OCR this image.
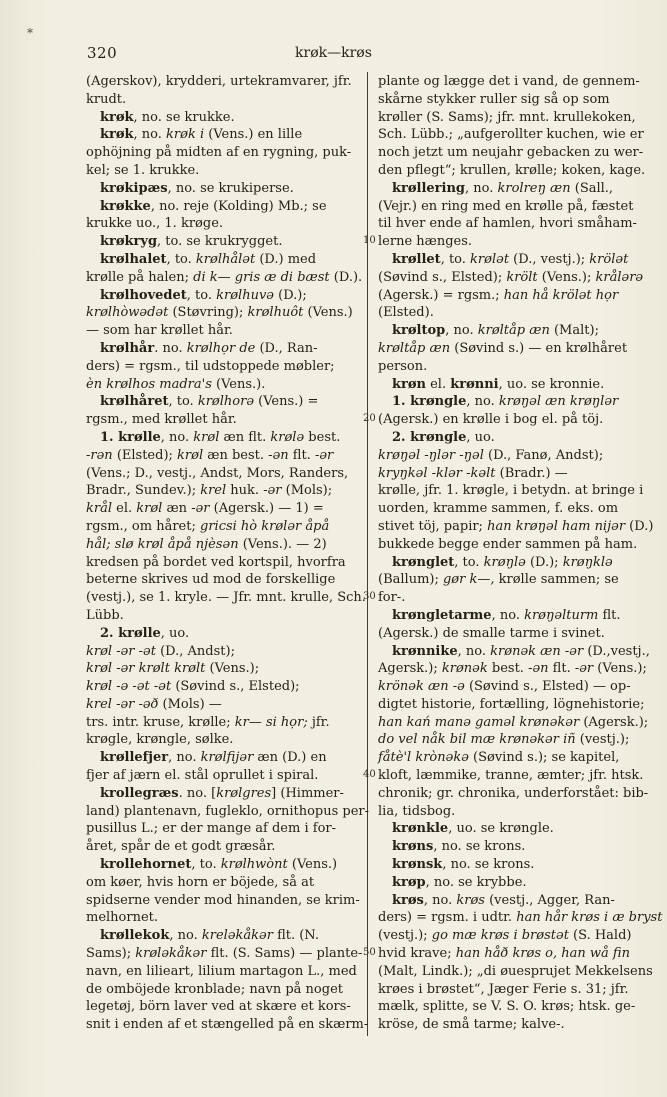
*
320	krøk—krøs
(Agerskov), krydderi, urtekramvarer, jfr.
krudt.
krøk, no. se krukke.
krøk, no. krøk i (Vens.) en lille
ophöjning på midten af en rygning, puk-
kel; se 1. krukke.
krøkipæs, no. se krukiperse.
krøkke, no. reje (Kolding) Mb.; se
krukke uo., 1. krøge.
krøkryg, to. se krukrygget.
krølhalet, to. krølhålət (D.) med
krølle på halen; di k— gris æ di bæst (D.).
krølhovedet, to. krølhuvə (D.);
krølhòwədət (Støvring); krølhuôt (Vens.)
— som har krøllet hår.
krølhår. no. krølhọr de (D., Ran-
ders) = rgsm., til udstoppede møbler;
èn krølhos madra's (Vens.).
krølhåret, to. krølhorə (Vens.) =
rgsm., med krøllet hår.
1. krølle, no. krøl æn flt. krølə best.
-rən (Elsted); krøl æn best. -ən flt. -ər
(Vens.; D., vestj., Andst, Mors, Randers,
Bradr., Sundev.); krel huk. -ər (Mols);
krål el. krøl æn -ər (Agersk.) — 1) =
rgsm., om håret; gricsi hò krølər åpå
hål; slø krøl åpå njèsən (Vens.). — 2)
kredsen på bordet ved kortspil, hvorfra
beterne skrives ud mod de forskellige
(vestj.), se 1. kryle. — Jfr. mnt. krulle, Sch.
Lübb.
2. krølle, uo.
krøl -ər -ət (D., Andst);
krøl -ər krølt krølt (Vens.);
krøl -ə -ət -ət (Søvind s., Elsted);
krel -ər -əð (Mols) —
trs. intr. kruse, krølle; kr— si họr; jfr.
krøgle, krøngle, sølke.
krøllefjer, no. krølfijər æn (D.) en
fjer af jærn el. stål oprullet i spiral.
krollegræs. no. [krølgres] (Himmer-
land) plantenavn, fugleklo, ornithopus per-
pusillus L.; er der mange af dem i for-
året, spår de et godt græsår.
krollehornet, to. krølhwònt (Vens.)
om køer, hvis horn er böjede, så at
spidserne vender mod hinanden, se krim-
melhornet.
krøllekok, no. kreləkåkər flt. (N.
Sams); krøləkåkər flt. (S. Sams) — plante-
navn, en lilieart, lilium martagon L., med
de omböjede kronblade; navn på noget
legetøj, börn laver ved at skære et kors-
snit i enden af et stængelled på en skærm-
plante og lægge det i vand, de gennem-
skårne stykker ruller sig så op som
krøller (S. Sams); jfr. mnt. krullekoken,
Sch. Lübb.; „aufgerollter kuchen, wie er
noch jetzt um neujahr gebacken zu wer-
den pflegt“; krullen, krølle; koken, kage.
krøllering, no. krolreŋ æn (Sall.,
(Vejr.) en ring med en krølle på, fæstet
til hver ende af hamlen, hvori småham-
10 lerne hænges.
krøllet, to. krølət (D., vestj.); krölət
(Søvind s., Elsted); krölt (Vens.); krålərə
(Agersk.) = rgsm.; han hå krölət họr
(Elsted).
krøltop, no. krøltåp æn (Malt);
krøltåp æn (Søvind s.) — en krølhåret
person.
krøn el. krønni, uo. se kronnie.
1. krøngle, no. krøŋəl æn krøŋlər
20 (Agersk.) en krølle i bog el. på töj.
2. krøngle, uo.
krøŋəl -ŋlər -ŋəl (D., Fanø, Andst);
kryŋkəl -klər -kəlt (Bradr.) —
krølle, jfr. 1. krøgle, i betydn. at bringe i
uorden, kramme sammen, f. eks. om
stivet töj, papir; han krøŋəl ham nijər (D.)
bukkede begge ender sammen på ham.
krønglet, to. krøŋlə (D.); krøŋklə
(Ballum); gør k—, krølle sammen; se
30 for-.
krøngletarme, no. krøŋəlturm flt.
(Agersk.) de smalle tarme i svinet.
krønnike, no. krønək æn -ər (D.,vestj.,
Agersk.); krønək best. -ən flt. -ər (Vens.);
krönək æn -ə (Søvind s., Elsted) — op-
digtet historie, fortælling, lögnehistorie;
han kań manə gaməl krønəkər (Agersk.);
do vel nåk bil mæ krønəkər iñ (vestj.);
fåtè'l krònəkə (Søvind s.); se kapitel,
40 kloft, læmmike, tranne, æmter; jfr. htsk.
chronik; gr. chronika, underforstået: bib-
lia, tidsbog.
krønkle, uo. se krøngle.
krøns, no. se krons.
krønsk, no. se krons.
krøp, no. se krybbe.
krøs, no. krøs (vestj., Agger, Ran-
ders) = rgsm. i udtr. han hår krøs i æ bryst
(vestj.); go mæ krøs i brøstət (S. Hald)
50 hvid krave; han håð krøs o, han wå fin
(Malt, Lindk.); „di øuesprujet Mekkelsens
krøes i brøstet“, Jæger Ferie s. 31; jfr.
mælk, splitte, se V. S. O. krøs; htsk. ge-
kröse, de små tarme; kalve-.
